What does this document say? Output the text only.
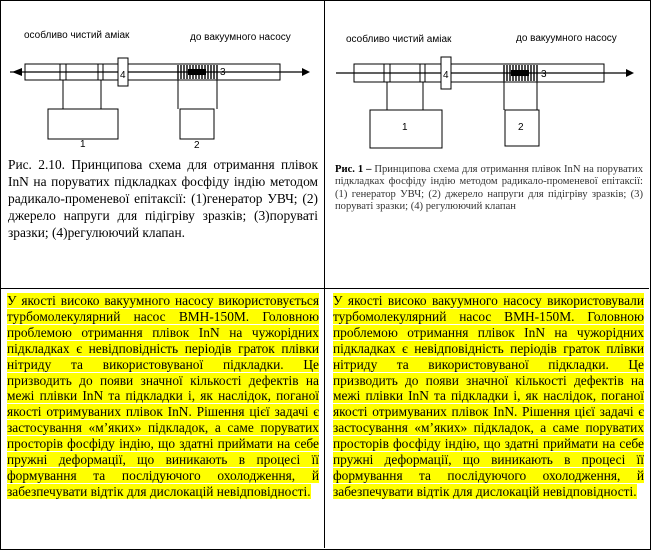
особливо чистий аміак	до вакуумного насосу
4	3
1	2
особливо чистий аміак	до вакуумного насосу
4	3
1	2
Рис. 2.10. Принципова схема для отримання плівок InN на поруватих підкладках фосфіду індію методом радикало-променевої епітаксії: (1)генератор УВЧ; (2) джерело напруги для підігріву зразків; (3)поруваті зразки; (4)регулюючий клапан.
Рис. 1 – Принципова схема для отримання плівок InN на поруватих підкладках фосфіду індію методом радикало-променевої епітаксії: (1) генератор УВЧ; (2) джерело напруги для підігріву зразків; (3) поруваті зразки; (4) регулюючий клапан
У якості високо вакуумного насосу використовується турбомолекулярний насос ВМН-150М. Головною проблемою отримання плівок InN на чужорідних підкладках є невідповідність періодів граток плівки нітриду та використовуваної підкладки. Це призводить до появи значної кількості дефектів на межі плівки InN та підкладки і, як наслідок, поганої якості отримуваних плівок InN. Рішення цієї задачі є застосування «м’яких» підкладок, а саме поруватих просторів фосфіду індію, що здатні приймати на себе пружні деформації, що виникають в процесі її формування та послідуючого охолодження, й забезпечувати відтік для дислокацій невідповідності.
У якості високо вакуумного насосу використовували турбомолекулярний насос ВМН-150М. Головною проблемою отримання плівок InN на чужорідних підкладках є невідповідність періодів граток плівки нітриду та використовуваної підкладки. Це призводить до появи значної кількості дефектів на межі плівки InN та підкладки і, як наслідок, поганої якості отримуваних плівок InN. Рішення цієї задачі є застосування «м’яких» підкладок, а саме поруватих просторів фосфіду індію, що здатні приймати на себе пружні деформації, що виникають в процесі її формування та послідуючого охолодження, й забезпечувати відтік для дислокацій невідповідності.
